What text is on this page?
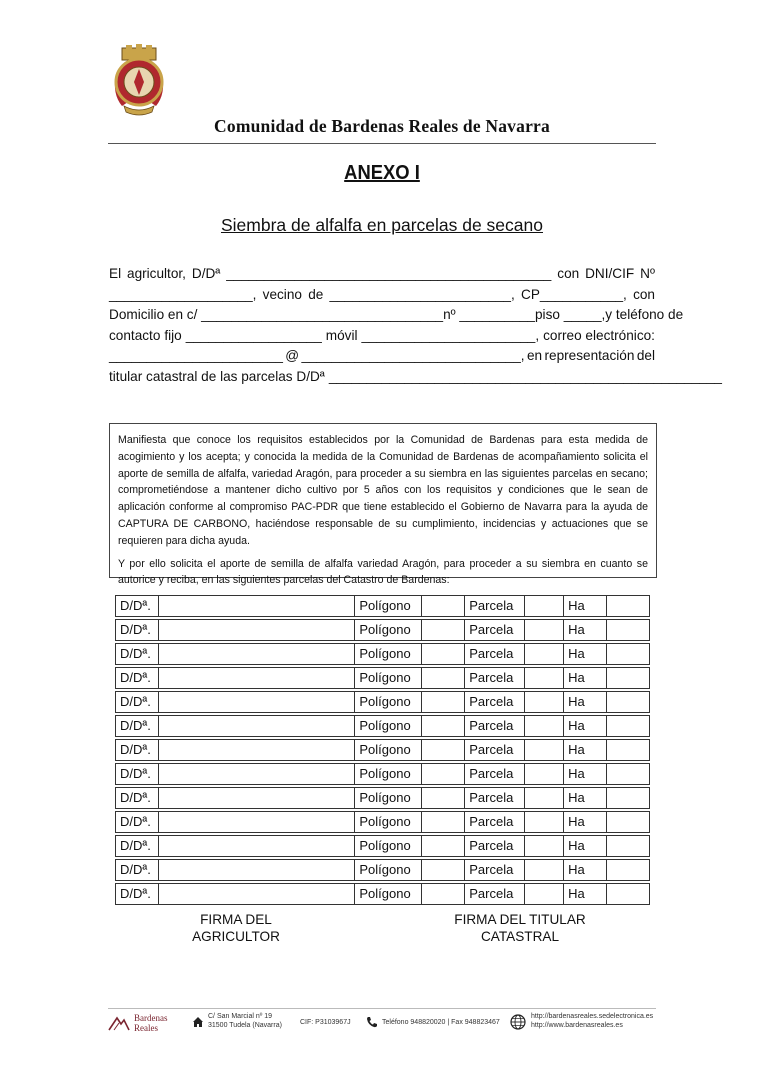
Comunidad de Bardenas Reales de Navarra
ANEXO I
Siembra de alfalfa en parcelas de secano
El agricultor, D/Dª ___________________________________________ con DNI/CIF Nº
___________________, vecino de ________________________, CP___________, con
Domicilio en c/ ________________________________ nº __________ piso _____, y teléfono de
contacto fijo __________________ móvil _______________________, correo electrónico:
_______________________ @ _____________________________, en representación del
titular catastral de las parcelas D/Dª ____________________________________________________

Manifiesta que conoce los requisitos establecidos por la Comunidad de Bardenas para esta medida de acogimiento y los acepta; y conocida la medida de la Comunidad de Bardenas de acompañamiento solicita el aporte de semilla de alfalfa, variedad Aragón, para proceder a su siembra en las siguientes parcelas en secano; comprometiéndose a mantener dicho cultivo por 5 años con los requisitos y condiciones que le sean de aplicación conforme al compromiso PAC-PDR que tiene establecido el Gobierno de Navarra para la ayuda de CAPTURA DE CARBONO, haciéndose responsable de su cumplimiento, incidencias y actuaciones que se requieren para dicha ayuda.

Y por ello solicita el aporte de semilla de alfalfa variedad Aragón, para proceder a su siembra en cuanto se autorice y reciba, en las siguientes parcelas del Catastro de Bardenas:

D/Dª.		Polígono		Parcela		Ha	

D/Dª.		Polígono		Parcela		Ha	

D/Dª.		Polígono		Parcela		Ha	

D/Dª.		Polígono		Parcela		Ha	

D/Dª.		Polígono		Parcela		Ha	

D/Dª.		Polígono		Parcela		Ha	

D/Dª.		Polígono		Parcela		Ha	

D/Dª.		Polígono		Parcela		Ha	

D/Dª.		Polígono		Parcela		Ha	

D/Dª.		Polígono		Parcela		Ha	

D/Dª.		Polígono		Parcela		Ha	

D/Dª.		Polígono		Parcela		Ha	

D/Dª.		Polígono		Parcela		Ha	
FIRMA DEL
AGRICULTOR
FIRMA DEL TITULAR
CATASTRAL
Bardenas
Reales
C/ San Marcial nº 19
31500 Tudela (Navarra)	CIF: P3103967J	Teléfono 948820020 | Fax 948823467
http://bardenasreales.sedelectronica.es
http://www.bardenasreales.es
